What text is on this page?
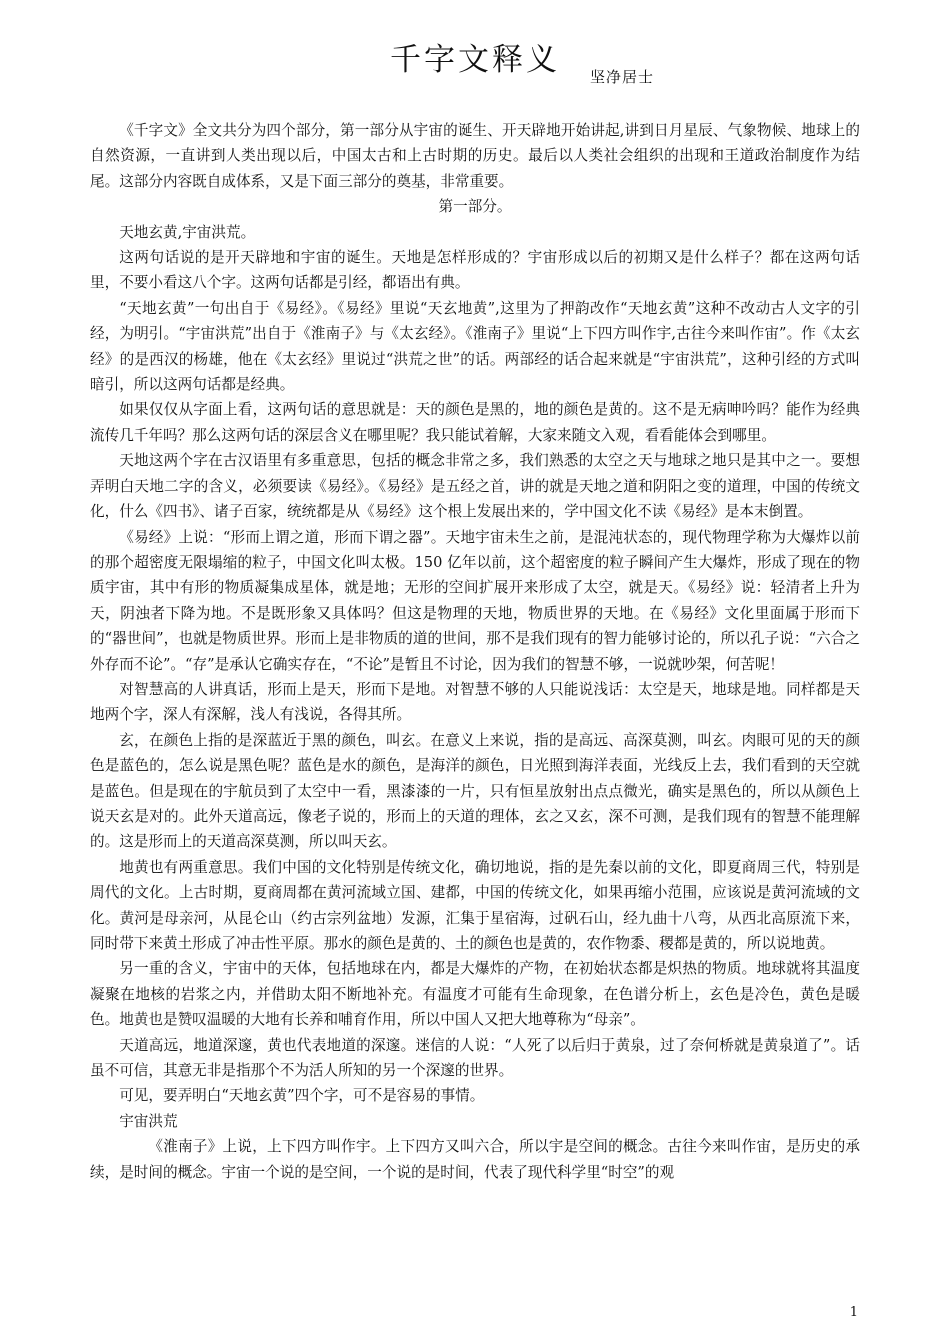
千字文释义	坚净居士

《千字文》全文共分为四个部分，第一部分从宇宙的诞生、开天辟地开始讲起,讲到日月星辰、气象物候、地球上的自然资源，一直讲到人类出现以后，中国太古和上古时期的历史。最后以人类社会组织的出现和王道政治制度作为结尾。这部分内容既自成体系，又是下面三部分的奠基，非常重要。

第一部分。

天地玄黄,宇宙洪荒。

这两句话说的是开天辟地和宇宙的诞生。天地是怎样形成的？宇宙形成以后的初期又是什么样子？都在这两句话里，不要小看这八个字。这两句话都是引经，都语出有典。

“天地玄黄”一句出自于《易经》。《易经》里说“天玄地黄”,这里为了押韵改作“天地玄黄”这种不改动古人文字的引经，为明引。“宇宙洪荒”出自于《淮南子》与《太玄经》。《淮南子》里说“上下四方叫作宇,古往今来叫作宙”。作《太玄经》的是西汉的杨雄，他在《太玄经》里说过“洪荒之世”的话。两部经的话合起来就是“宇宙洪荒”，这种引经的方式叫暗引，所以这两句话都是经典。

如果仅仅从字面上看，这两句话的意思就是：天的颜色是黑的，地的颜色是黄的。这不是无病呻吟吗？能作为经典流传几千年吗？那么这两句话的深层含义在哪里呢？我只能试着解，大家来随文入观，看看能体会到哪里。

天地这两个字在古汉语里有多重意思，包括的概念非常之多，我们熟悉的太空之天与地球之地只是其中之一。要想弄明白天地二字的含义，必须要读《易经》。《易经》是五经之首，讲的就是天地之道和阴阳之变的道理，中国的传统文化，什么《四书》、诸子百家，统统都是从《易经》这个根上发展出来的，学中国文化不读《易经》是本末倒置。

《易经》上说：“形而上谓之道，形而下谓之器”。天地宇宙未生之前，是混沌状态的，现代物理学称为大爆炸以前的那个超密度无限塌缩的粒子，中国文化叫太极。150 亿年以前，这个超密度的粒子瞬间产生大爆炸，形成了现在的物质宇宙，其中有形的物质凝集成星体，就是地；无形的空间扩展开来形成了太空，就是天。《易经》说：轻清者上升为天，阴浊者下降为地。不是既形象又具体吗？但这是物理的天地，物质世界的天地。在《易经》文化里面属于形而下的“器世间”，也就是物质世界。形而上是非物质的道的世间，那不是我们现有的智力能够讨论的，所以孔子说：“六合之外存而不论”。“存”是承认它确实存在，“不论”是暂且不讨论，因为我们的智慧不够，一说就吵架，何苦呢！

对智慧高的人讲真话，形而上是天，形而下是地。对智慧不够的人只能说浅话：太空是天，地球是地。同样都是天地两个字，深人有深解，浅人有浅说，各得其所。

玄，在颜色上指的是深蓝近于黑的颜色，叫玄。在意义上来说，指的是高远、高深莫测，叫玄。肉眼可见的天的颜色是蓝色的，怎么说是黑色呢？蓝色是水的颜色，是海洋的颜色，日光照到海洋表面，光线反上去，我们看到的天空就是蓝色。但是现在的宇航员到了太空中一看，黑漆漆的一片，只有恒星放射出点点微光，确实是黑色的，所以从颜色上说天玄是对的。此外天道高远，像老子说的，形而上的天道的理体，玄之又玄，深不可测，是我们现有的智慧不能理解的。这是形而上的天道高深莫测，所以叫天玄。

地黄也有两重意思。我们中国的文化特别是传统文化，确切地说，指的是先秦以前的文化，即夏商周三代，特别是周代的文化。上古时期，夏商周都在黄河流域立国、建都，中国的传统文化，如果再缩小范围，应该说是黄河流域的文化。黄河是母亲河，从昆仑山（约古宗列盆地）发源，汇集于星宿海，过矾石山，经九曲十八弯，从西北高原流下来，同时带下来黄土形成了冲击性平原。那水的颜色是黄的、土的颜色也是黄的，农作物黍、稷都是黄的，所以说地黄。

另一重的含义，宇宙中的天体，包括地球在内，都是大爆炸的产物，在初始状态都是炽热的物质。地球就将其温度凝聚在地核的岩浆之内，并借助太阳不断地补充。有温度才可能有生命现象，在色谱分析上，玄色是冷色，黄色是暖色。地黄也是赞叹温暖的大地有长养和哺育作用，所以中国人又把大地尊称为“母亲”。

天道高远，地道深邃，黄也代表地道的深邃。迷信的人说：“人死了以后归于黄泉，过了奈何桥就是黄泉道了”。话虽不可信，其意无非是指那个不为活人所知的另一个深邃的世界。

可见，要弄明白“天地玄黄”四个字，可不是容易的事情。

宇宙洪荒

《淮南子》上说，上下四方叫作宇。上下四方又叫六合，所以宇是空间的概念。古往今来叫作宙，是历史的承续，是时间的概念。宇宙一个说的是空间，一个说的是时间，代表了现代科学里“时空”的观

1
